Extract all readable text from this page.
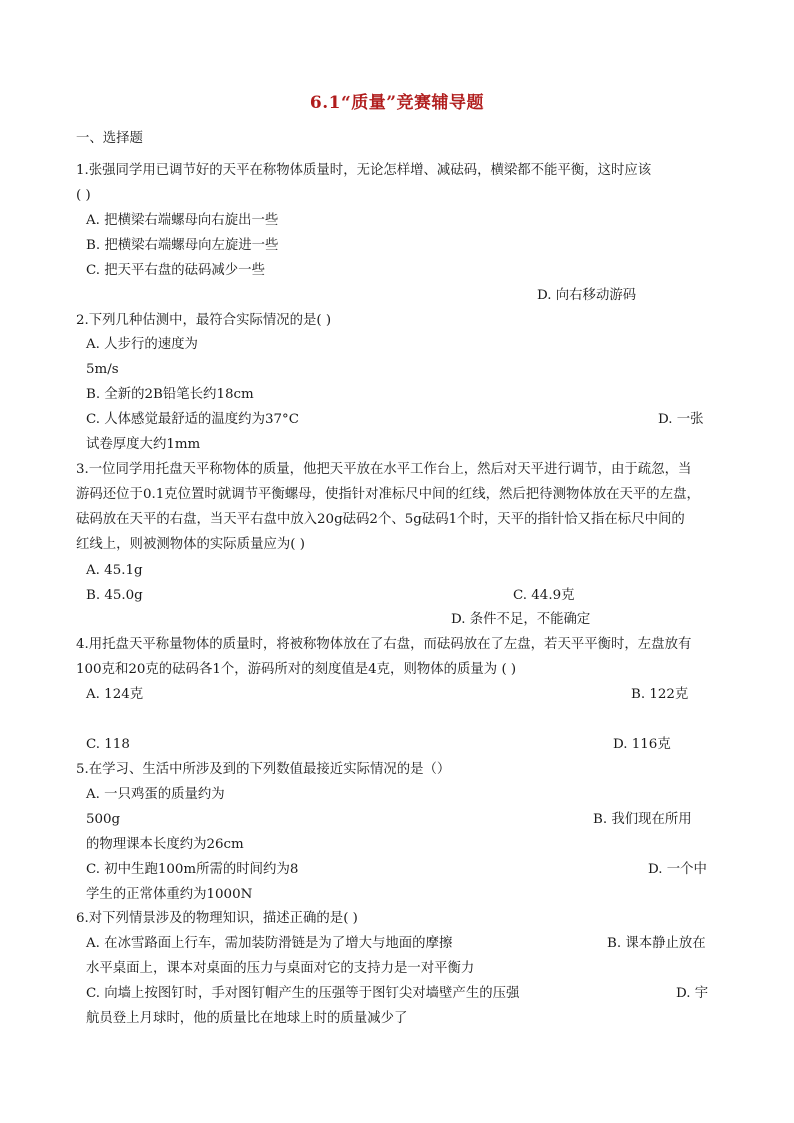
6.1“质量”竞赛辅导题
一、选择题
1.张强同学用已调节好的天平在称物体质量时，无论怎样增、减砝码，横梁都不能平衡，这时应该
( )
A. 把横梁右端螺母向右旋出一些
B. 把横梁右端螺母向左旋进一些
C. 把天平右盘的砝码减少一些
D. 向右移动游码
2.下列几种估测中，最符合实际情况的是( )
A. 人步行的速度为
5m/s
B. 全新的2B铅笔长约18cm
C. 人体感觉最舒适的温度约为37°C	D. 一张
试卷厚度大约1mm
3.一位同学用托盘天平称物体的质量，他把天平放在水平工作台上，然后对天平进行调节，由于疏忽，当
游码还位于0.1克位置时就调节平衡螺母，使指针对准标尺中间的红线，然后把待测物体放在天平的左盘，
砝码放在天平的右盘，当天平右盘中放入20g砝码2个、5g砝码1个时，天平的指针恰又指在标尺中间的
红线上，则被测物体的实际质量应为( )
A. 45.1g
B. 45.0g	C. 44.9克
D. 条件不足，不能确定
4.用托盘天平称量物体的质量时，将被称物体放在了右盘，而砝码放在了左盘，若天平平衡时，左盘放有
100克和20克的砝码各1个，游码所对的刻度值是4克，则物体的质量为 ( )
A. 124克	B. 122克
C. 118	D. 116克
5.在学习、生活中所涉及到的下列数值最接近实际情况的是（）
A. 一只鸡蛋的质量约为
500g	B. 我们现在所用
的物理课本长度约为26cm
C. 初中生跑100m所需的时间约为8	D. 一个中
学生的正常体重约为1000N
6.对下列情景涉及的物理知识，描述正确的是( )
A. 在冰雪路面上行车，需加装防滑链是为了增大与地面的摩擦	B. 课本静止放在
水平桌面上，课本对桌面的压力与桌面对它的支持力是一对平衡力
C. 向墙上按图钉时，手对图钉帽产生的压强等于图钉尖对墙壁产生的压强	D. 宇
航员登上月球时，他的质量比在地球上时的质量减少了
